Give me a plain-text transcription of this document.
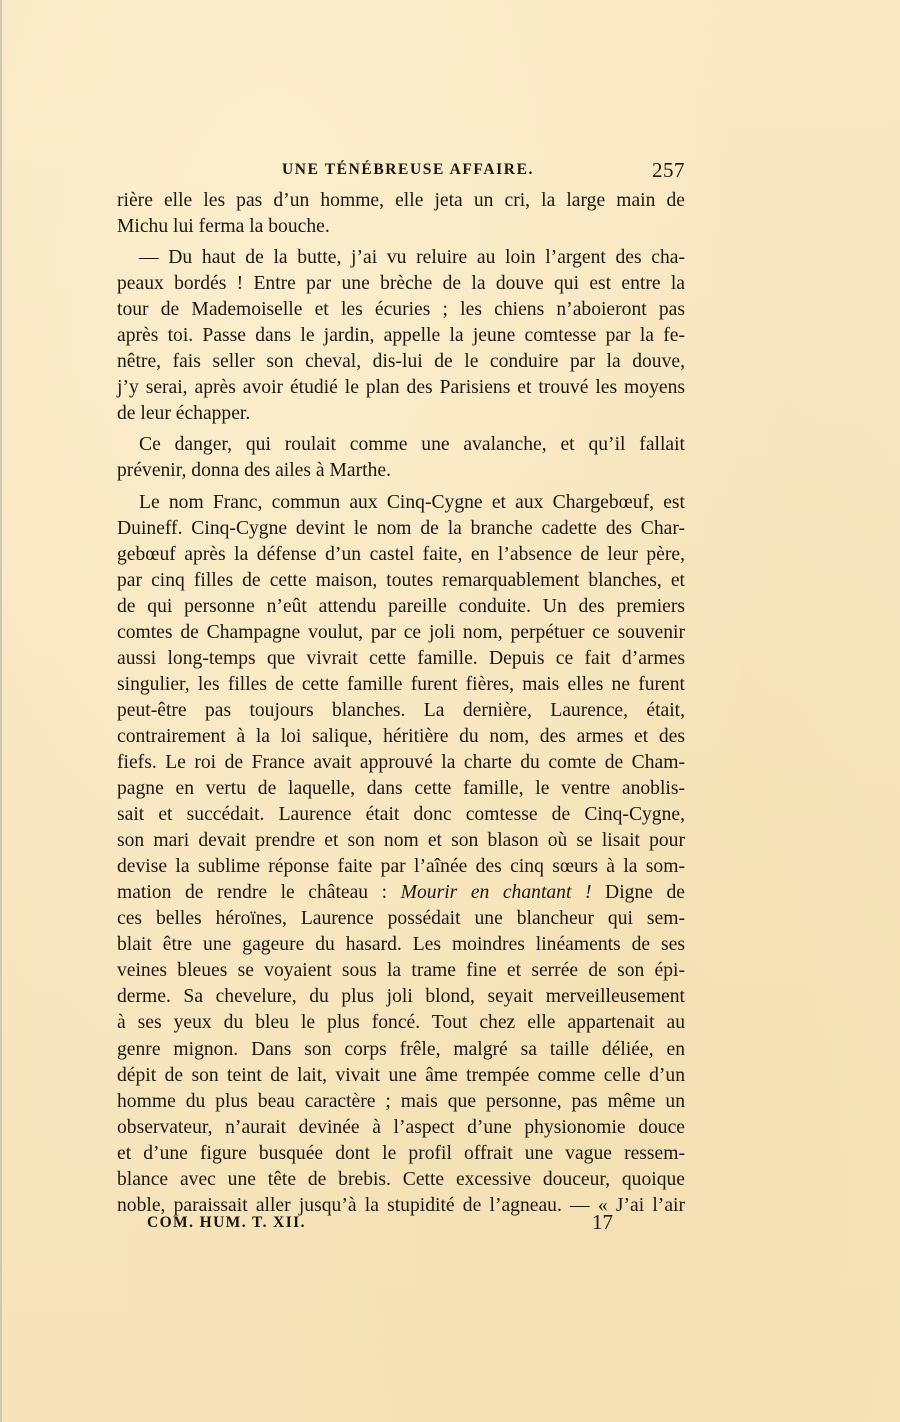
UNE TÉNÉBREUSE AFFAIRE.	257
rière elle les pas d’un homme, elle jeta un cri, la large main de
Michu lui ferma la bouche.
— Du haut de la butte, j’ai vu reluire au loin l’argent des cha-
peaux bordés ! Entre par une brèche de la douve qui est entre la
tour de Mademoiselle et les écuries ; les chiens n’aboieront pas
après toi. Passe dans le jardin, appelle la jeune comtesse par la fe-
nêtre, fais seller son cheval, dis-lui de le conduire par la douve,
j’y serai, après avoir étudié le plan des Parisiens et trouvé les moyens
de leur échapper.
Ce danger, qui roulait comme une avalanche, et qu’il fallait
prévenir, donna des ailes à Marthe.
Le nom Franc, commun aux Cinq-Cygne et aux Chargebœuf, est
Duineff. Cinq-Cygne devint le nom de la branche cadette des Char-
gebœuf après la défense d’un castel faite, en l’absence de leur père,
par cinq filles de cette maison, toutes remarquablement blanches, et
de qui personne n’eût attendu pareille conduite. Un des premiers
comtes de Champagne voulut, par ce joli nom, perpétuer ce souvenir
aussi long-temps que vivrait cette famille. Depuis ce fait d’armes
singulier, les filles de cette famille furent fières, mais elles ne furent
peut-être pas toujours blanches. La dernière, Laurence, était,
contrairement à la loi salique, héritière du nom, des armes et des
fiefs. Le roi de France avait approuvé la charte du comte de Cham-
pagne en vertu de laquelle, dans cette famille, le ventre anoblis-
sait et succédait. Laurence était donc comtesse de Cinq-Cygne,
son mari devait prendre et son nom et son blason où se lisait pour
devise la sublime réponse faite par l’aînée des cinq sœurs à la som-
mation de rendre le château : Mourir en chantant ! Digne de
ces belles héroïnes, Laurence possédait une blancheur qui sem-
blait être une gageure du hasard. Les moindres linéaments de ses
veines bleues se voyaient sous la trame fine et serrée de son épi-
derme. Sa chevelure, du plus joli blond, seyait merveilleusement
à ses yeux du bleu le plus foncé. Tout chez elle appartenait au
genre mignon. Dans son corps frêle, malgré sa taille déliée, en
dépit de son teint de lait, vivait une âme trempée comme celle d’un
homme du plus beau caractère ; mais que personne, pas même un
observateur, n’aurait devinée à l’aspect d’une physionomie douce
et d’une figure busquée dont le profil offrait une vague ressem-
blance avec une tête de brebis. Cette excessive douceur, quoique
noble, paraissait aller jusqu’à la stupidité de l’agneau. — « J’ai l’air
COM. HUM. T. XII.	17
